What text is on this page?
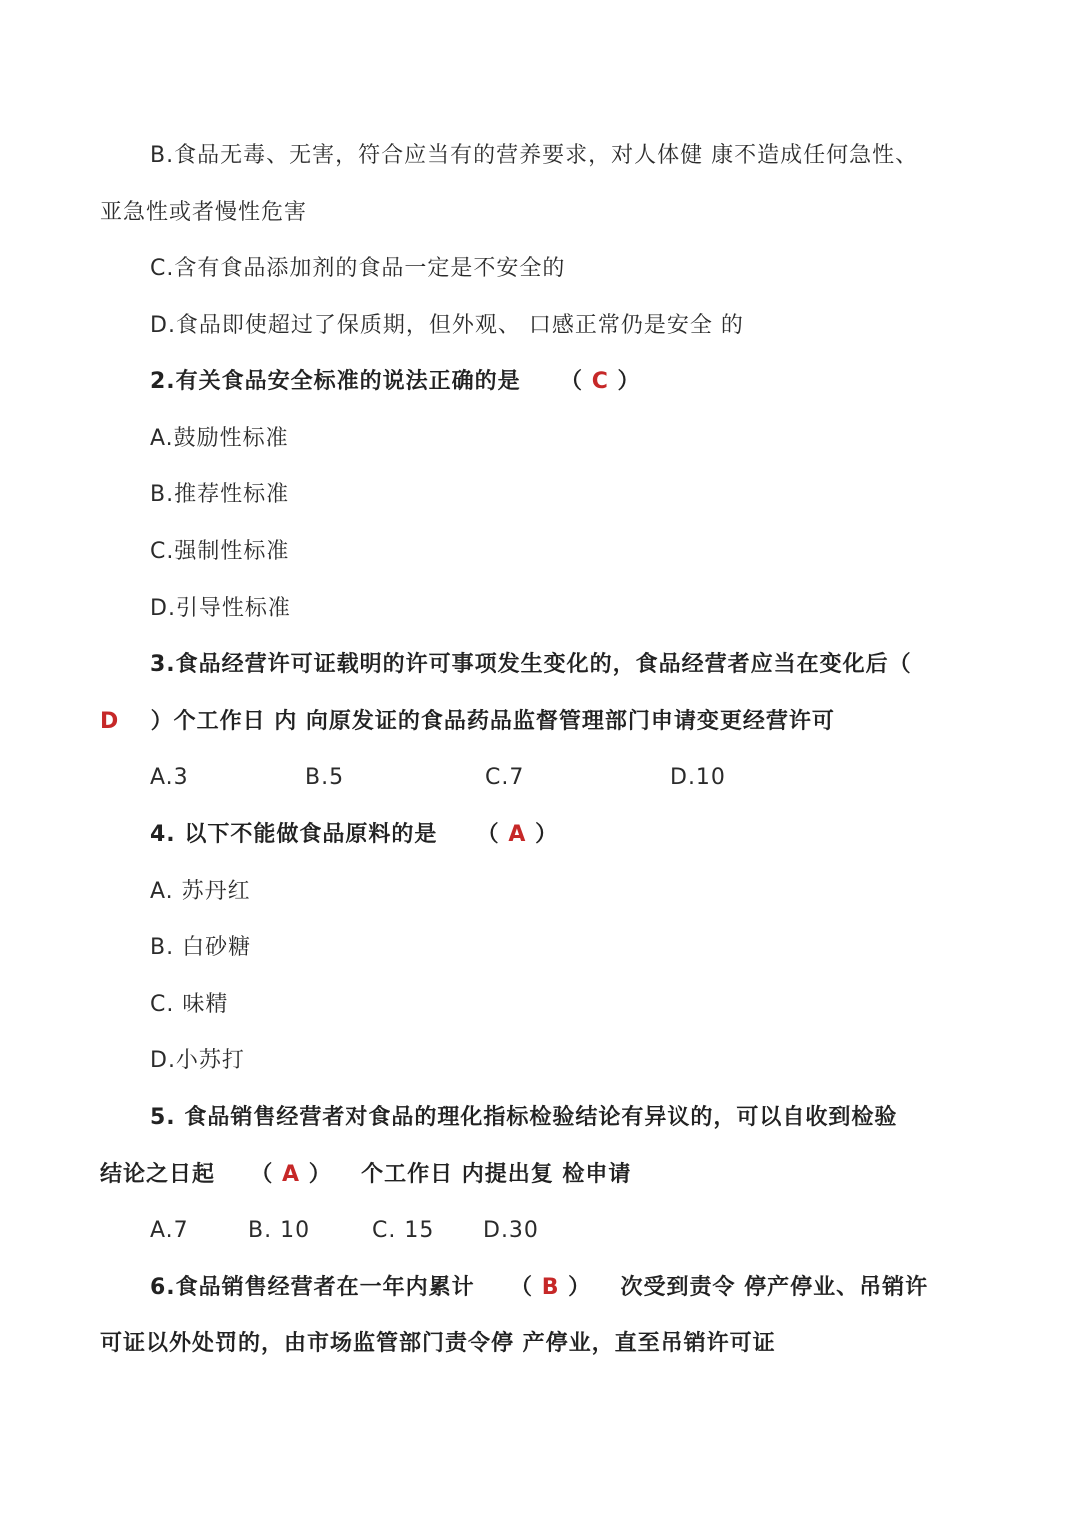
B.食品无毒、无害，符合应当有的营养要求，对人体健 康不造成任何急性、
亚急性或者慢性危害
C.含有食品添加剂的食品一定是不安全的
D.食品即使超过了保质期，但外观、 口感正常仍是安全 的
2.有关食品安全标准的说法正确的是 （ C ）
A.鼓励性标准
B.推荐性标准
C.强制性标准
D.引导性标准
3.食品经营许可证载明的许可事项发生变化的，食品经营者应当在变化后（
D ）个工作日 内 向原发证的食品药品监督管理部门申请变更经营许可
A.3	B.5	C.7	D.10
4. 以下不能做食品原料的是 （ A ）
A. 苏丹红
B. 白砂糖
C. 味精
D.小苏打
5. 食品销售经营者对食品的理化指标检验结论有异议的，可以自收到检验
结论之日起 （ A ） 个工作日 内提出复 检申请
A.7	B. 10	C. 15 D.30
6.食品销售经营者在一年内累计 （ B ） 次受到责令 停产停业、吊销许
可证以外处罚的，由市场监管部门责令停 产停业，直至吊销许可证
